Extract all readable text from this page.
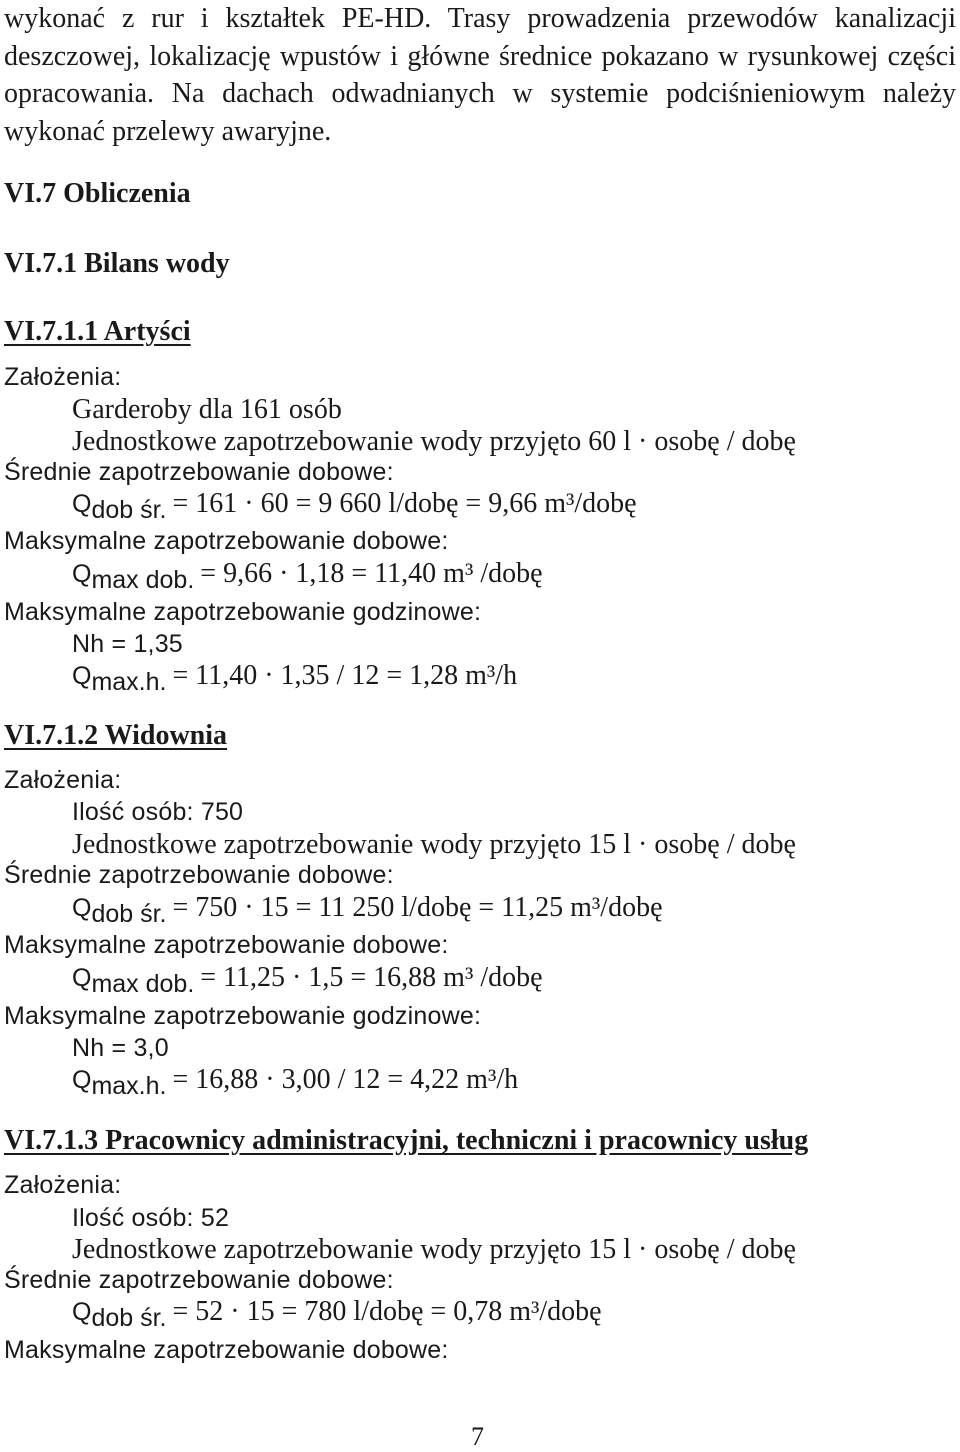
wykonać z rur i kształtek PE-HD. Trasy prowadzenia przewodów kanalizacji
deszczowej, lokalizację wpustów i główne średnice pokazano w rysunkowej części
opracowania. Na dachach odwadnianych w systemie podciśnieniowym należy
wykonać przelewy awaryjne.
VI.7 Obliczenia
VI.7.1 Bilans wody
VI.7.1.1 Artyści
Założenia:
Garderoby dla 161 osób
Jednostkowe zapotrzebowanie wody przyjęto 60 l · osobę / dobę
Średnie zapotrzebowanie dobowe:
Qdob śr. = 161 · 60 = 9 660 l/dobę = 9,66 m³/dobę
Maksymalne zapotrzebowanie dobowe:
Qmax dob. = 9,66 · 1,18 = 11,40 m³ /dobę
Maksymalne zapotrzebowanie godzinowe:
Nh = 1,35
Qmax.h. = 11,40 · 1,35 / 12 = 1,28 m³/h
VI.7.1.2 Widownia
Założenia:
Ilość osób: 750
Jednostkowe zapotrzebowanie wody przyjęto 15 l · osobę / dobę
Średnie zapotrzebowanie dobowe:
Qdob śr. = 750 · 15 = 11 250 l/dobę = 11,25 m³/dobę
Maksymalne zapotrzebowanie dobowe:
Qmax dob. = 11,25 · 1,5 = 16,88 m³ /dobę
Maksymalne zapotrzebowanie godzinowe:
Nh = 3,0
Qmax.h. = 16,88 · 3,00 / 12 = 4,22 m³/h
VI.7.1.3 Pracownicy administracyjni, techniczni i pracownicy usług
Założenia:
Ilość osób: 52
Jednostkowe zapotrzebowanie wody przyjęto 15 l · osobę / dobę
Średnie zapotrzebowanie dobowe:
Qdob śr. = 52 · 15 = 780 l/dobę = 0,78 m³/dobę
Maksymalne zapotrzebowanie dobowe:
7
